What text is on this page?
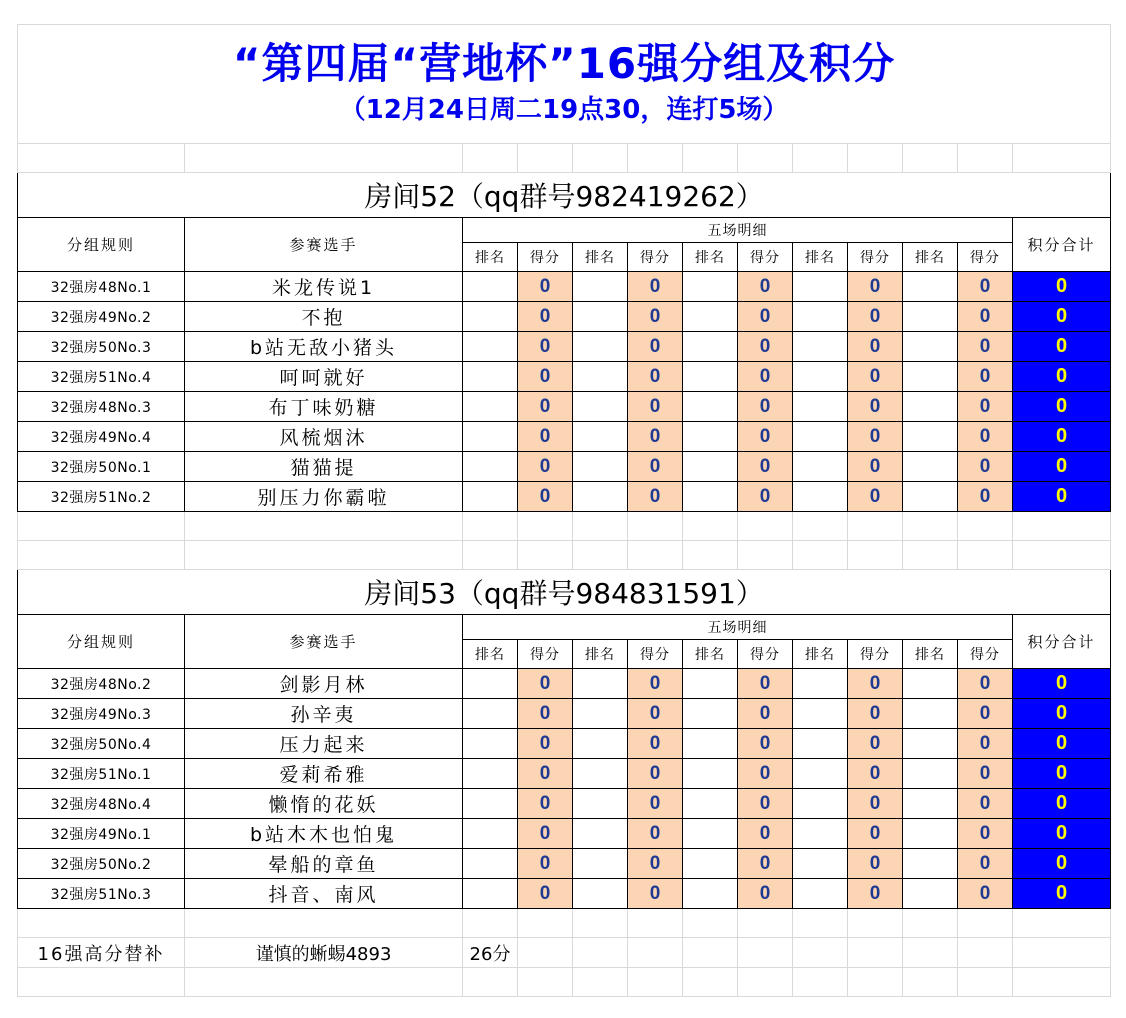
“第四届“营地杯”16强分组及积分
（12月24日周二19点30，连打5场）												

房间52（qq群号982419262）												
分组规则	参赛选手	五场明细										积分合计
		排名	得分	排名	得分	排名	得分	排名	得分	排名	得分	
32强房48No.1	米龙传说1		0		0		0		0		0	0
32强房49No.2	不抱		0		0		0		0		0	0
32强房50No.3	b站无敌小猪头		0		0		0		0		0	0
32强房51No.4	呵呵就好		0		0		0		0		0	0
32强房48No.3	布丁味奶糖		0		0		0		0		0	0
32强房49No.4	风梳烟沐		0		0		0		0		0	0
32强房50No.1	猫猫提		0		0		0		0		0	0
32强房51No.2	别压力你霸啦		0		0		0		0		0	0

房间53（qq群号984831591）												
分组规则	参赛选手	五场明细										积分合计
		排名	得分	排名	得分	排名	得分	排名	得分	排名	得分	
32强房48No.2	剑影月林		0		0		0		0		0	0
32强房49No.3	孙辛夷		0		0		0		0		0	0
32强房50No.4	压力起来		0		0		0		0		0	0
32强房51No.1	爱莉希雅		0		0		0		0		0	0
32强房48No.4	懒惰的花妖		0		0		0		0		0	0
32强房49No.1	b站木木也怕鬼		0		0		0		0		0	0
32强房50No.2	晕船的章鱼		0		0		0		0		0	0
32强房51No.3	抖音、南风		0		0		0		0		0	0

16强高分替补	谨慎的蜥蜴4893	26分										
